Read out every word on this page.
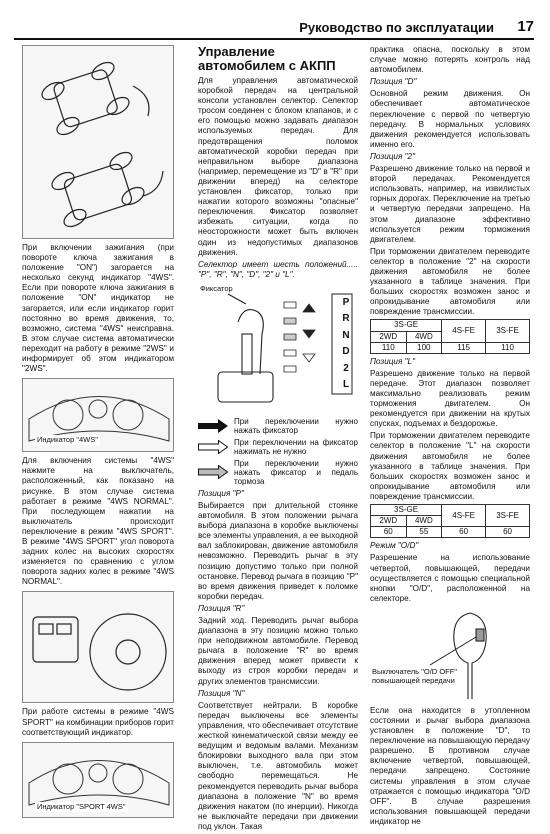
Руководство по эксплуатации 17

При включении зажигания (при повороте ключа зажигания в положение "ON") загорается на несколько секунд индикатор "4WS". Если при повороте ключа зажигания в положение "ON" индикатор не загорается, или если индикатор горит постоянно во время движения, то, возможно, система "4WS" неисправна. В этом случае система автоматически переходит на работу в режиме "2WS" и информирует об этом индикатором "2WS".

Индикатор "4WS"

Для включения системы "4WS" нажмите на выключатель, расположенный, как показано на рисунке. В этом случае система работает в режиме "4WS NORMAL". При последующем нажатии на выключатель происходит переключение в режим "4WS SPORT". В режиме "4WS SPORT" угол поворота задних колес на высоких скоростях изменяется по сравнению с углом поворота задних колес в режиме "4WS NORMAL".

При работе системы в режиме "4WS SPORT" на комбинации приборов горит соответствующий индикатор.

Индикатор "SPORT 4WS"
Управление автомобилем с АКПП

Для управления автоматической коробкой передач на центральной консоли установлен селектор. Селектор тросом соединен с блоком клапанов, и с его помощью можно задавать диапазон используемых передач. Для предотвращения поломок автоматической коробки передач при неправильном выборе диапазона (например, перемещение из "D" в "R" при движении вперед) на селекторе установлен фиксатор, только при нажатии которого возможны "опасные" переключения. Фиксатор позволяет избежать ситуации, когда по неосторожности может быть включен один из недопустимых диапазонов движения.

Селектор имеет шесть положений..... "P", "R", "N", "D", "2" и "L".

Фиксатор
P
R
N
D
2
L
При переключении нужно нажать фиксатор
При переключении на фиксатор нажимать не нужно
При переключении нужно нажать фиксатор и педаль тормоза

Позиция "P"

Выбирается при длительной стоянке автомобиля. В этом положении рычага выбора диапазона в коробке выключены все элементы управления, а ее выходной вал заблокирован, движение автомобиля невозможно. Переводить рычаг в эту позицию допустимо только при полной остановке. Перевод рычага в позицию "P" во время движения приведет к поломке коробки передач.

Позиция "R"

Задний ход. Переводить рычаг выбора диапазона в эту позицию можно только при неподвижном автомобиле. Перевод рычага в положение "R" во время движения вперед может привести к выходу из строя коробки передач и других элементов трансмиссии.

Позиция "N"

Соответствует нейтрали. В коробке передач выключены все элементы управления, что обеспечивает отсутствие жесткой кинематической связи между ее ведущим и ведомым валами. Механизм блокировки выходного вала при этом выключен, т.е. автомобиль может свободно перемещаться. Не рекомендуется переводить рычаг выбора диапазона в положение "N" во время движения накатом (по инерции). Никогда не выключайте передачи при движении под уклон. Такая

практика опасна, поскольку в этом случае можно потерять контроль над автомобилем.

Позиция "D"

Основной режим движения. Он обеспечивает автоматическое переключение с первой по четвертую передачу. В нормальных условиях движения рекомендуется использовать именно его.

Позиция "2"

Разрешено движение только на первой и второй передачах. Рекомендуется использовать, например, на извилистых горных дорогах. Переключение на третью и четвертую передачи запрещено. На этом диапазоне эффективно используется режим торможения двигателем.

При торможении двигателем переводите селектор в положение "2" на скорости движения автомобиля не более указанного в таблице значения. При больших скоростях возможен занос и опрокидывание автомобиля или повреждение трансмиссии.

3S-GE		4S-FE	3S-FE
2WD	4WD		
110	100	115	110

Позиция "L"

Разрешено движение только на первой передаче. Этот диапазон позволяет максимально реализовать режим торможения двигателем. Он рекомендуется при движении на крутых спусках, подъемах и бездорожье.

При торможении двигателем переводите селектор в положение "L" на скорости движения автомобиля не более указанного в таблице значения. При больших скоростях возможен занос и опрокидывание автомобиля или повреждение трансмиссии.

3S-GE		4S-FE	3S-FE
2WD	4WD		
60	55	60	60

Режим "O/D"

Разрешение на использование четвертой, повышающей, передачи осуществляется с помощью специальной кнопки "O/D", расположенной на селекторе.

Выключатель "O/D OFF" повышающей передачи

Если она находится в утопленном состоянии и рычаг выбора диапазона установлен в положение "D", то переключение на повышающую передачу разрешено. В противном случае включение четвертой, повышающей, передачи запрещено. Состояние системы управления в этом случае отражается с помощью индикатора "O/D OFF". В случае разрешения использования повышающей передачи индикатор не
